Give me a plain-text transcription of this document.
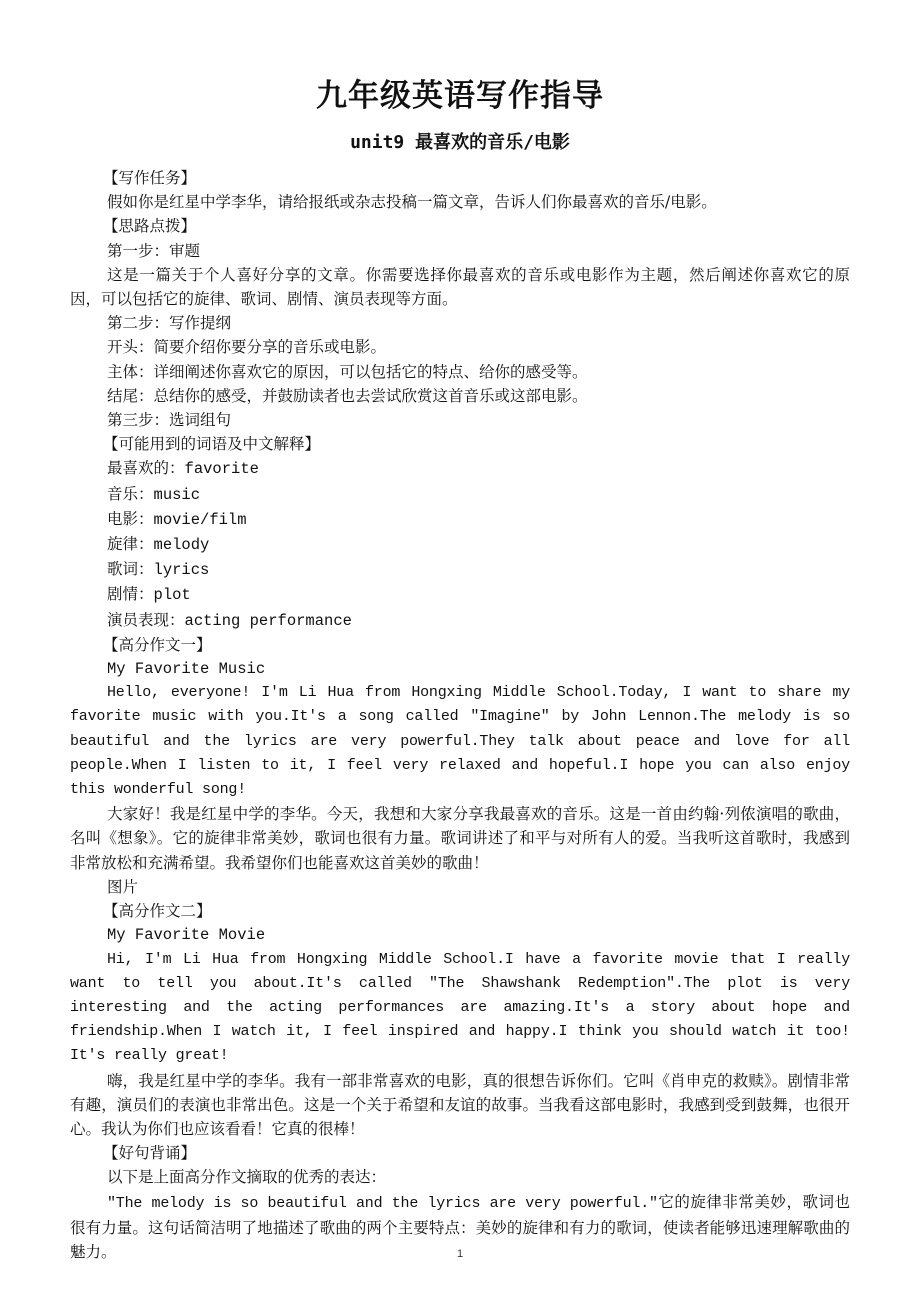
九年级英语写作指导
unit9 最喜欢的音乐/电影

【写作任务】

假如你是红星中学李华，请给报纸或杂志投稿一篇文章，告诉人们你最喜欢的音乐/电影。

【思路点拨】

第一步：审题

这是一篇关于个人喜好分享的文章。你需要选择你最喜欢的音乐或电影作为主题，然后阐述你喜欢它的原因，可以包括它的旋律、歌词、剧情、演员表现等方面。

第二步：写作提纲

开头：简要介绍你要分享的音乐或电影。

主体：详细阐述你喜欢它的原因，可以包括它的特点、给你的感受等。

结尾：总结你的感受，并鼓励读者也去尝试欣赏这首音乐或这部电影。

第三步：选词组句

【可能用到的词语及中文解释】

最喜欢的：favorite

音乐：music

电影：movie/film

旋律：melody

歌词：lyrics

剧情：plot

演员表现：acting performance

【高分作文一】

My Favorite Music

Hello, everyone! I'm Li Hua from Hongxing Middle School.Today, I want to share my favorite music with you.It's a song called "Imagine" by John Lennon.The melody is so beautiful and the lyrics are very powerful.They talk about peace and love for all people.When I listen to it, I feel very relaxed and hopeful.I hope you can also enjoy this wonderful song!

大家好！我是红星中学的李华。今天，我想和大家分享我最喜欢的音乐。这是一首由约翰·列侬演唱的歌曲，名叫《想象》。它的旋律非常美妙，歌词也很有力量。歌词讲述了和平与对所有人的爱。当我听这首歌时，我感到非常放松和充满希望。我希望你们也能喜欢这首美妙的歌曲！

图片

【高分作文二】

My Favorite Movie

Hi, I'm Li Hua from Hongxing Middle School.I have a favorite movie that I really want to tell you about.It's called "The Shawshank Redemption".The plot is very interesting and the acting performances are amazing.It's a story about hope and friendship.When I watch it, I feel inspired and happy.I think you should watch it too! It's really great!

嗨，我是红星中学的李华。我有一部非常喜欢的电影，真的很想告诉你们。它叫《肖申克的救赎》。剧情非常有趣，演员们的表演也非常出色。这是一个关于希望和友谊的故事。当我看这部电影时，我感到受到鼓舞，也很开心。我认为你们也应该看看！它真的很棒！

【好句背诵】

以下是上面高分作文摘取的优秀的表达：

"The melody is so beautiful and the lyrics are very powerful."它的旋律非常美妙，歌词也很有力量。这句话简洁明了地描述了歌曲的两个主要特点：美妙的旋律和有力的歌词，使读者能够迅速理解歌曲的魅力。	1
